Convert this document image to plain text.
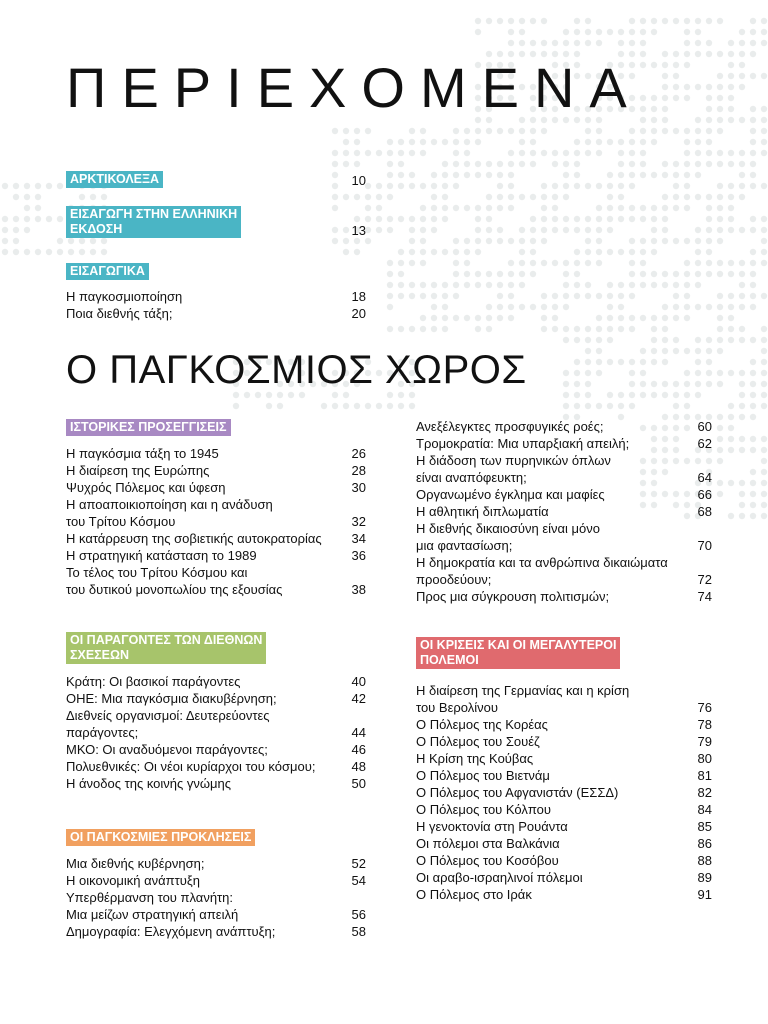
ΠΕΡΙΕΧΟΜΕΝΑ
ΑΡΚΤΙΚΟΛΕΞΑ	10
ΕΙΣΑΓΩΓΗ ΣΤΗΝ ΕΛΛΗΝΙΚΗ
ΕΚΔΟΣΗ	13
ΕΙΣΑΓΩΓΙΚΑ
Η παγκοσμιοποίηση	18
Ποια διεθνής τάξη;	20
Ο ΠΑΓΚΟΣΜΙΟΣ ΧΩΡΟΣ
ΙΣΤΟΡΙΚΕΣ ΠΡΟΣΕΓΓΙΣΕΙΣ
Η παγκόσμια τάξη το 1945	26
Η διαίρεση της Ευρώπης	28
Ψυχρός Πόλεμος και ύφεση	30
Η αποαποικιοποίηση και η ανάδυση
του Τρίτου Κόσμου	32
Η κατάρρευση της σοβιετικής αυτοκρατορίας	34
Η στρατηγική κατάσταση το 1989	36
Το τέλος του Τρίτου Κόσμου και
του δυτικού μονοπωλίου της εξουσίας	38
ΟΙ ΠΑΡΑΓΟΝΤΕΣ ΤΩΝ ΔΙΕΘΝΩΝ
ΣΧΕΣΕΩΝ
Κράτη: Οι βασικοί παράγοντες	40
ΟΗΕ: Μια παγκόσμια διακυβέρνηση;	42
Διεθνείς οργανισμοί: Δευτερεύοντες
παράγοντες;	44
ΜΚΟ: Οι αναδυόμενοι παράγοντες;	46
Πολυεθνικές: Οι νέοι κυρίαρχοι του κόσμου;	48
Η άνοδος της κοινής γνώμης	50
ΟΙ ΠΑΓΚΟΣΜΙΕΣ ΠΡΟΚΛΗΣΕΙΣ
Μια διεθνής κυβέρνηση;	52
Η οικονομική ανάπτυξη	54
Υπερθέρμανση του πλανήτη:
Μια μείζων στρατηγική απειλή	56
Δημογραφία: Ελεγχόμενη ανάπτυξη;	58
Ανεξέλεγκτες προσφυγικές ροές;	60
Τρομοκρατία: Μια υπαρξιακή απειλή;	62
Η διάδοση των πυρηνικών όπλων
είναι αναπόφευκτη;	64
Οργανωμένο έγκλημα και μαφίες	66
Η αθλητική διπλωματία	68
Η διεθνής δικαιοσύνη είναι μόνο
μια φαντασίωση;	70
Η δημοκρατία και τα ανθρώπινα δικαιώματα
προοδεύουν;	72
Προς μια σύγκρουση πολιτισμών;	74
ΟΙ ΚΡΙΣΕΙΣ ΚΑΙ ΟΙ ΜΕΓΑΛΥΤΕΡΟΙ
ΠΟΛΕΜΟΙ
Η διαίρεση της Γερμανίας και η κρίση
του Βερολίνου	76
Ο Πόλεμος της Κορέας	78
Ο Πόλεμος του Σουέζ	79
Η Κρίση της Κούβας	80
Ο Πόλεμος του Βιετνάμ	81
Ο Πόλεμος του Αφγανιστάν (ΕΣΣΔ)	82
Ο Πόλεμος του Κόλπου	84
Η γενοκτονία στη Ρουάντα	85
Οι πόλεμοι στα Βαλκάνια	86
Ο Πόλεμος του Κοσόβου	88
Οι αραβο-ισραηλινοί πόλεμοι	89
Ο Πόλεμος στο Ιράκ	91
